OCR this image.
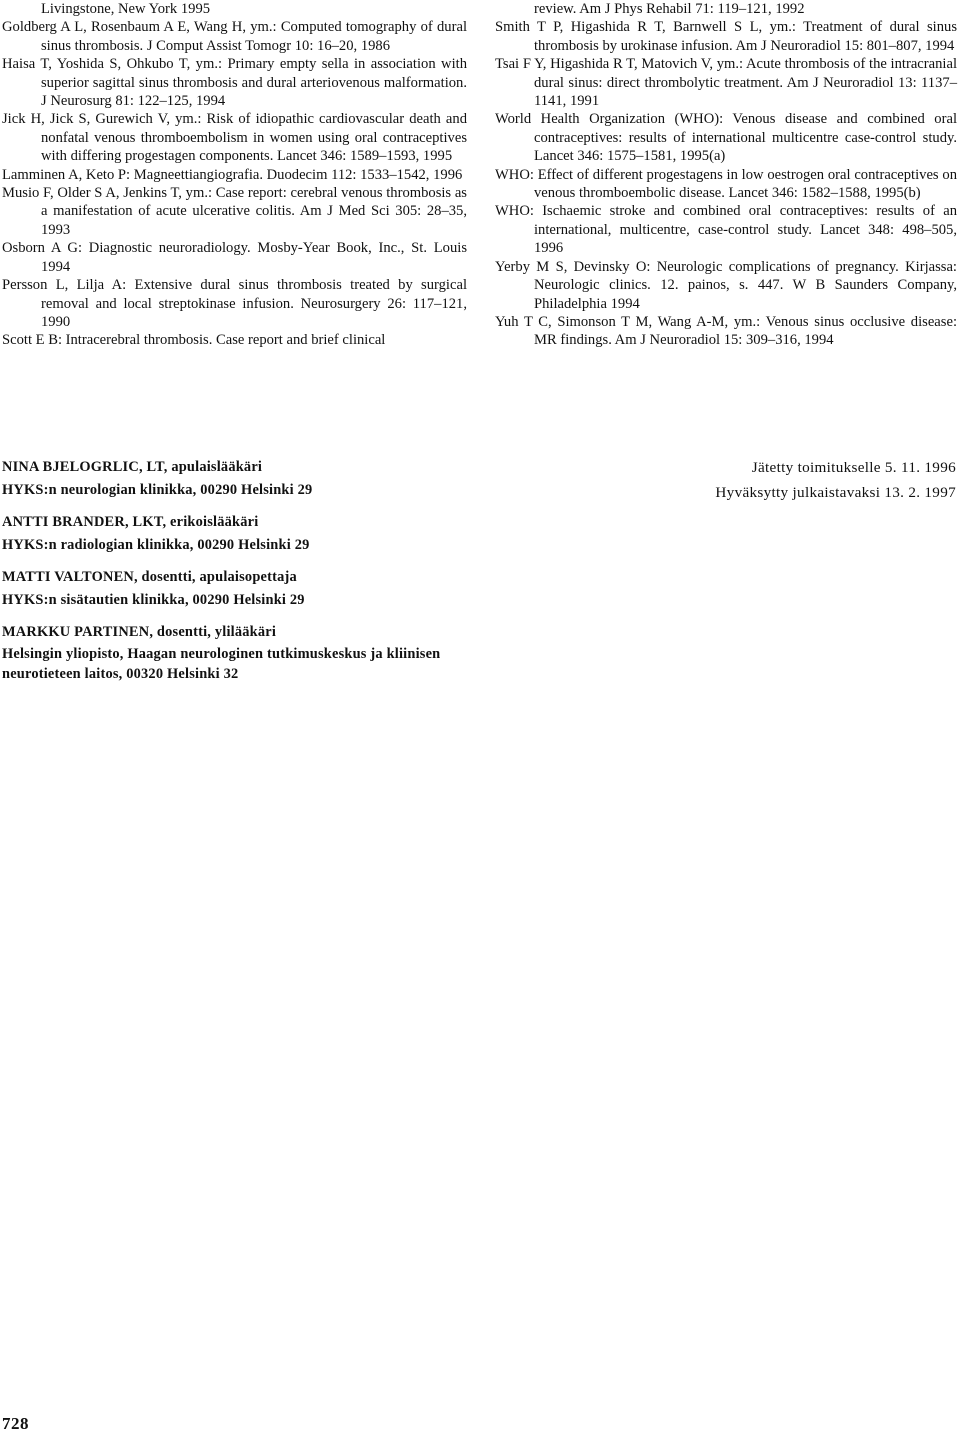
Livingstone, New York 1995

Goldberg A L, Rosenbaum A E, Wang H, ym.: Computed tomography of dural sinus thrombosis. J Comput Assist Tomogr 10: 16–20, 1986

Haisa T, Yoshida S, Ohkubo T, ym.: Primary empty sella in association with superior sagittal sinus thrombosis and dural arteriovenous malformation. J Neurosurg 81: 122–125, 1994

Jick H, Jick S, Gurewich V, ym.: Risk of idiopathic cardiovascular death and nonfatal venous thromboembolism in women using oral contraceptives with differing progestagen components. Lancet 346: 1589–1593, 1995

Lamminen A, Keto P: Magneettiangiografia. Duodecim 112: 1533–1542, 1996

Musio F, Older S A, Jenkins T, ym.: Case report: cerebral venous thrombosis as a manifestation of acute ulcerative colitis. Am J Med Sci 305: 28–35, 1993

Osborn A G: Diagnostic neuroradiology. Mosby-Year Book, Inc., St. Louis 1994

Persson L, Lilja A: Extensive dural sinus thrombosis treated by surgical removal and local streptokinase infusion. Neurosurgery 26: 117–121, 1990

Scott E B: Intracerebral thrombosis. Case report and brief clinical

review. Am J Phys Rehabil 71: 119–121, 1992

Smith T P, Higashida R T, Barnwell S L, ym.: Treatment of dural sinus thrombosis by urokinase infusion. Am J Neuroradiol 15: 801–807, 1994

Tsai F Y, Higashida R T, Matovich V, ym.: Acute thrombosis of the intracranial dural sinus: direct thrombolytic treatment. Am J Neuroradiol 13: 1137–1141, 1991

World Health Organization (WHO): Venous disease and combined oral contraceptives: results of international multicentre case-control study. Lancet 346: 1575–1581, 1995(a)

WHO: Effect of different progestagens in low oestrogen oral contraceptives on venous thromboembolic disease. Lancet 346: 1582–1588, 1995(b)

WHO: Ischaemic stroke and combined oral contraceptives: results of an international, multicentre, case-control study. Lancet 348: 498–505, 1996

Yerby M S, Devinsky O: Neurologic complications of pregnancy. Kirjassa: Neurologic clinics. 12. painos, s. 447. W B Saunders Company, Philadelphia 1994

Yuh T C, Simonson T M, Wang A-M, ym.: Venous sinus occlusive disease: MR findings. Am J Neuroradiol 15: 309–316, 1994

NINA BJELOGRLIC, LT, apulaislääkäri
HYKS:n neurologian klinikka, 00290 Helsinki 29
ANTTI BRANDER, LKT, erikoislääkäri
HYKS:n radiologian klinikka, 00290 Helsinki 29
MATTI VALTONEN, dosentti, apulaisopettaja
HYKS:n sisätautien klinikka, 00290 Helsinki 29
MARKKU PARTINEN, dosentti, ylilääkäri
Helsingin yliopisto, Haagan neurologinen tutkimuskeskus ja kliinisen neurotieteen laitos, 00320 Helsinki 32
Jätetty toimitukselle 5. 11. 1996
Hyväksytty julkaistavaksi 13. 2. 1997
728
